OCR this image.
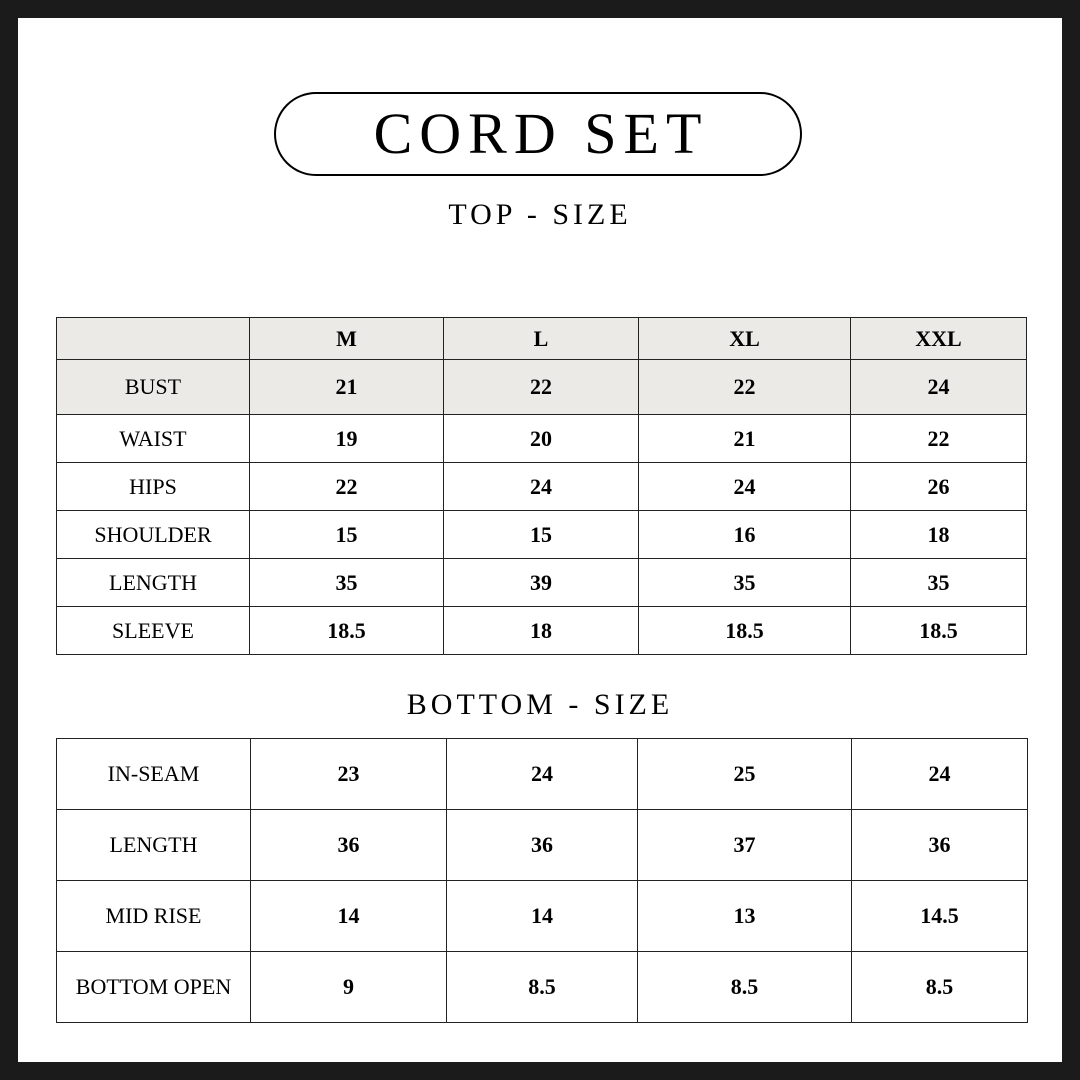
CORD SET
TOP - SIZE
	M	L	XL	XXL
BUST	21	22	22	24
WAIST	19	20	21	22
HIPS	22	24	24	26
SHOULDER	15	15	16	18
LENGTH	35	39	35	35
SLEEVE	18.5	18	18.5	18.5
BOTTOM - SIZE
IN-SEAM	23	24	25	24
LENGTH	36	36	37	36
MID RISE	14	14	13	14.5
BOTTOM OPEN	9	8.5	8.5	8.5
